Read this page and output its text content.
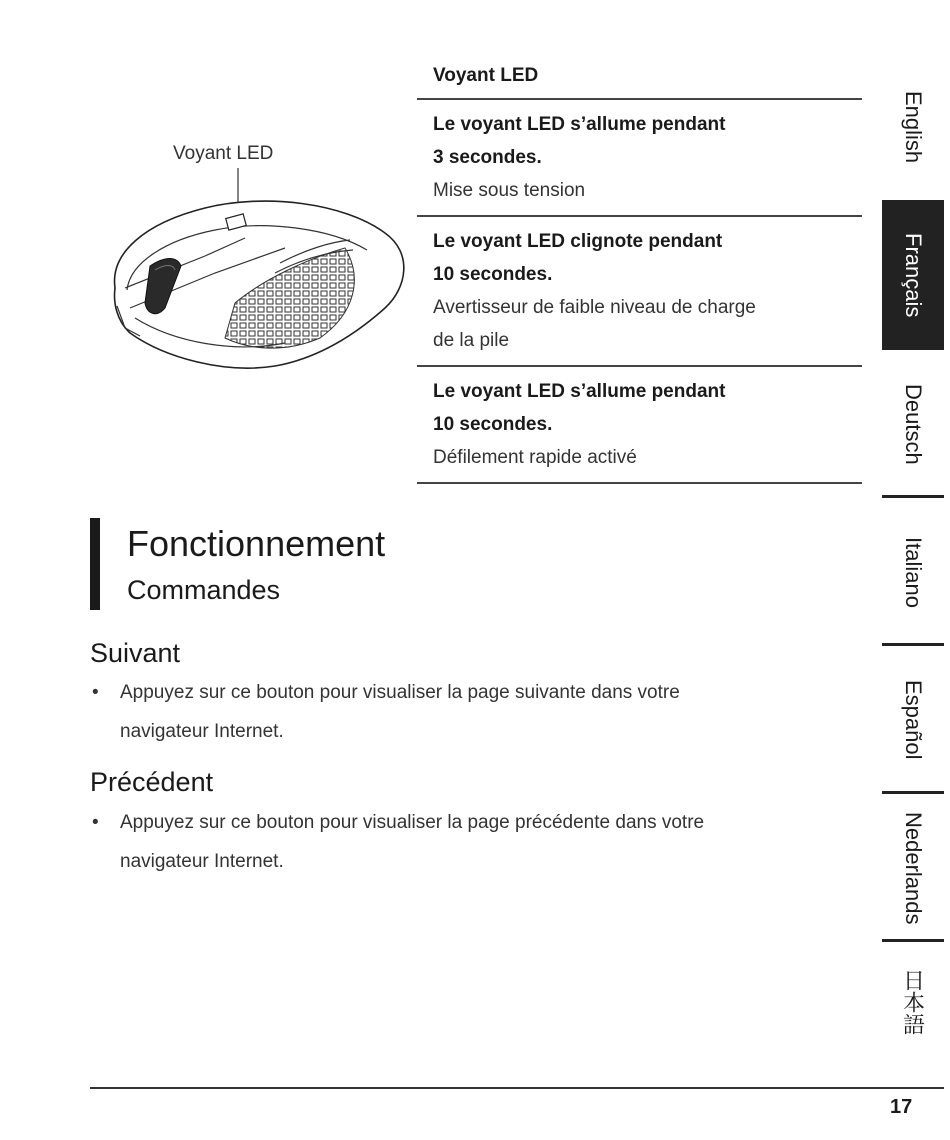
Voyant LED
Le voyant LED s’allume pendant
3 secondes.
Mise sous tension
Le voyant LED clignote pendant
10 secondes.
Avertisseur de faible niveau de charge
de la pile
Le voyant LED s’allume pendant
10 secondes.
Défilement rapide activé
Voyant LED
Fonctionnement
Commandes
Suivant
• Appuyez sur ce bouton pour visualiser la page suivante dans votre
navigateur Internet.
Précédent
• Appuyez sur ce bouton pour visualiser la page précédente dans votre
navigateur Internet.
English
Français
Deutsch
Italiano
Español
Nederlands
日本語
17
